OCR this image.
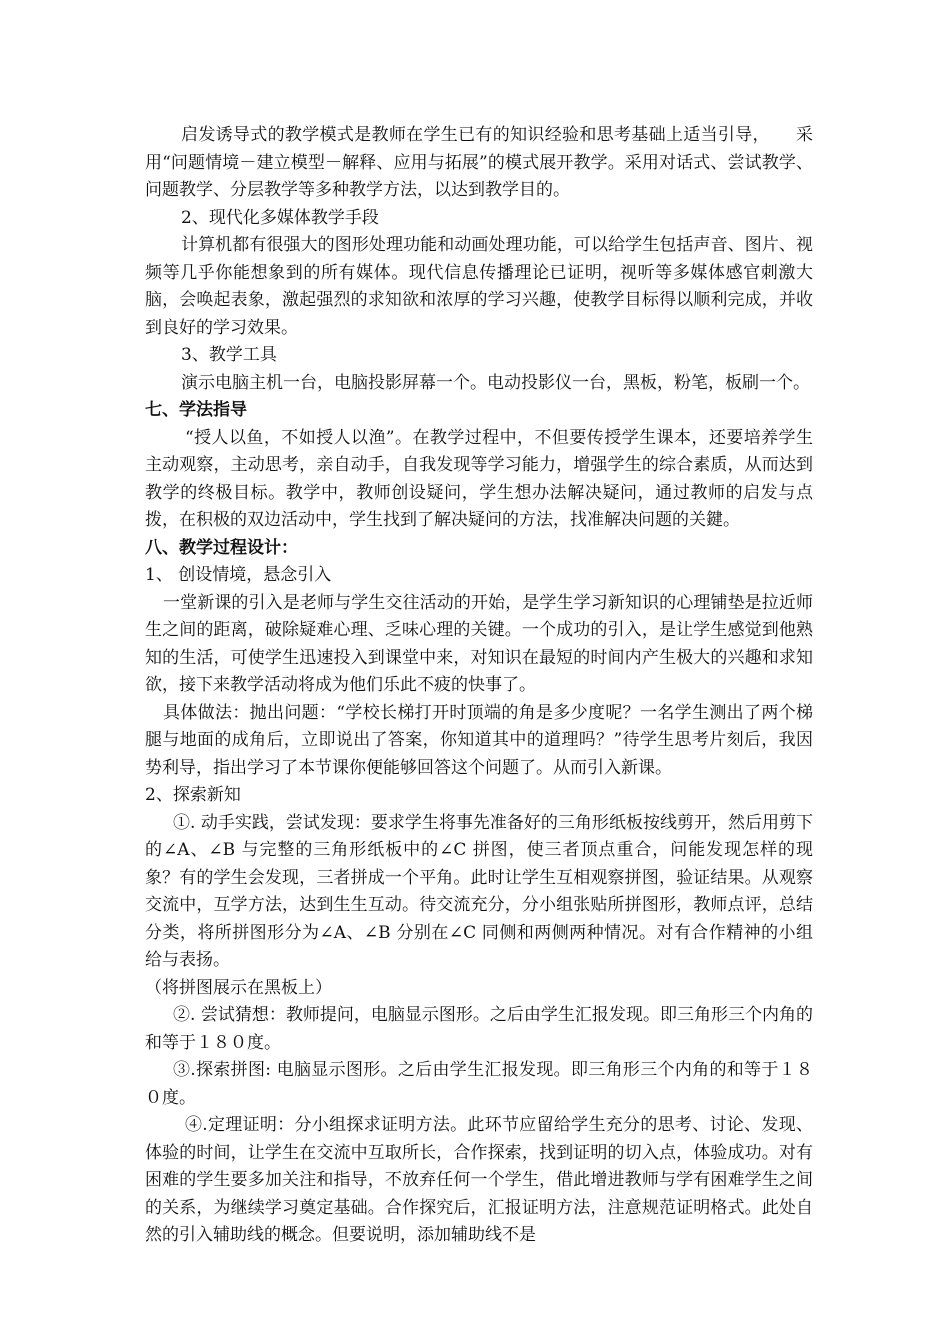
启发诱导式的教学模式是教师在学生已有的知识经验和思考基础上适当引导，　　采用“问题情境－建立模型－解释、应用与拓展”的模式展开教学。采用对话式、尝试教学、问题教学、分层教学等多种教学方法，以达到教学目的。

2、现代化多媒体教学手段

计算机都有很强大的图形处理功能和动画处理功能，可以给学生包括声音、图片、视频等几乎你能想象到的所有媒体。现代信息传播理论已证明，视听等多媒体感官刺激大脑，会唤起表象，激起强烈的求知欲和浓厚的学习兴趣，使教学目标得以顺利完成，并收到良好的学习效果。

3、教学工具

演示电脑主机一台，电脑投影屏幕一个。电动投影仪一台，黑板，粉笔，板刷一个。

七、学法指导

“授人以鱼，不如授人以渔”。在教学过程中，不但要传授学生课本，还要培养学生主动观察，主动思考，亲自动手，自我发现等学习能力，增强学生的综合素质，从而达到教学的终极目标。教学中，教师创设疑问，学生想办法解决疑问，通过教师的启发与点拨，在积极的双边活动中，学生找到了解决疑问的方法，找准解决问题的关鍵。

八、教学过程设计：

1、 创设情境，悬念引入

一堂新课的引入是老师与学生交往活动的开始，是学生学习新知识的心理铺垫是拉近师生之间的距离，破除疑难心理、乏味心理的关键。一个成功的引入，是让学生感觉到他熟知的生活，可使学生迅速投入到课堂中来，对知识在最短的时间内产生极大的兴趣和求知欲，接下来教学活动将成为他们乐此不疲的快事了。

具体做法：抛出问题：“学校长梯打开时顶端的角是多少度呢？一名学生测出了两个梯腿与地面的成角后，立即说出了答案，你知道其中的道理吗？”待学生思考片刻后，我因势利导，指出学习了本节课你便能够回答这个问题了。从而引入新课。

2、探索新知

①. 动手实践，尝试发现：要求学生将事先准备好的三角形纸板按线剪开，然后用剪下的∠A、∠B 与完整的三角形纸板中的∠C 拼图，使三者顶点重合，问能发现怎样的现象？有的学生会发现，三者拼成一个平角。此时让学生互相观察拼图，验证结果。从观察交流中，互学方法，达到生生互动。待交流充分，分小组张贴所拼图形，教师点评，总结分类，将所拼图形分为∠A、∠B 分别在∠C 同侧和两侧两种情况。对有合作精神的小组给与表扬。

（将拼图展示在黑板上）

②. 尝试猜想：教师提问，电脑显示图形。之后由学生汇报发现。即三角形三个内角的和等于１８０度。

③.探索拼图: 电脑显示图形。之后由学生汇报发现。即三角形三个内角的和等于１８０度。

④.定理证明：分小组探求证明方法。此环节应留给学生充分的思考、讨论、发现、体验的时间，让学生在交流中互取所长，合作探索，找到证明的切入点，体验成功。对有困难的学生要多加关注和指导，不放弃任何一个学生，借此增进教师与学有困难学生之间的关系，为继续学习奠定基础。合作探究后，汇报证明方法，注意规范证明格式。此处自然的引入辅助线的概念。但要说明，添加辅助线不是
